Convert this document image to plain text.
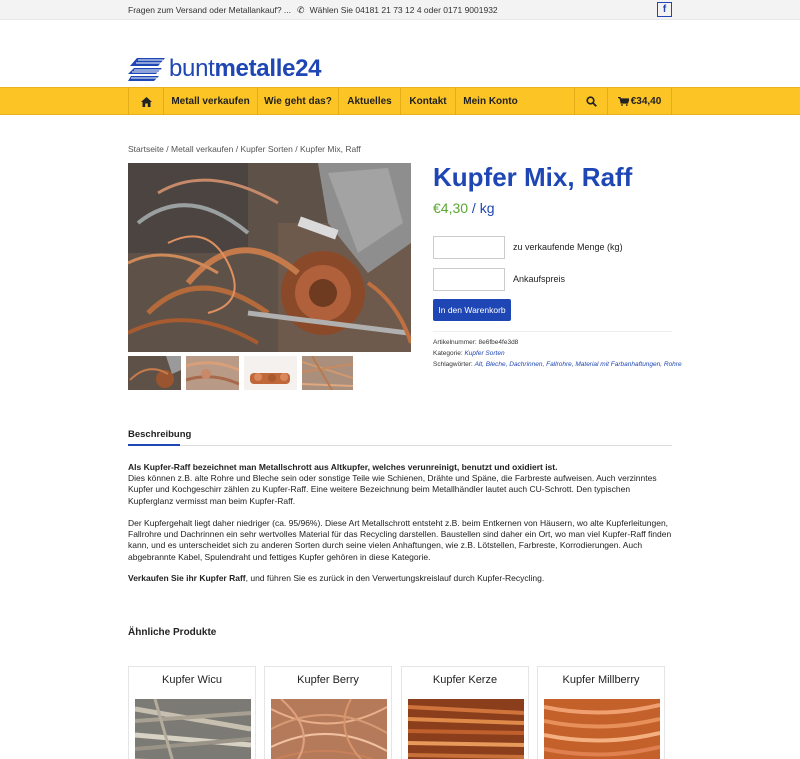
Fragen zum Versand oder Metallankauf? ... ✆ Wählen Sie 04181 21 73 12 4 oder 0171 9001932	f
buntmetalle24
Metall verkaufen	Wie geht das?	Aktuelles	Kontakt	Mein Konto	€34,40
Startseite / Metall verkaufen / Kupfer Sorten / Kupfer Mix, Raff
Kupfer Mix, Raff
€4,30 / kg
zu verkaufende Menge (kg)
Ankaufspreis
In den Warenkorb
Artikelnummer: 8e6fbe4fe3d8
Kategorie: Kupfer Sorten
Schlagwörter: Alt, Bleche, Dachrinnen, Fallrohre, Material mit Farbanhaftungen, Rohre
Beschreibung
Als Kupfer-Raff bezeichnet man Metallschrott aus Altkupfer, welches verunreinigt, benutzt und oxidiert ist.
Dies können z.B. alte Rohre und Bleche sein oder sonstige Teile wie Schienen, Drähte und Späne, die Farbreste aufweisen. Auch verzinntes Kupfer und Kochgeschirr zählen zu Kupfer-Raff. Eine weitere Bezeichnung beim Metallhändler lautet auch CU-Schrott. Den typischen Kupferglanz vermisst man beim Kupfer-Raff.
Der Kupfergehalt liegt daher niedriger (ca. 95/96%). Diese Art Metallschrott entsteht z.B. beim Entkernen von Häusern, wo alte Kupferleitungen, Fallrohre und Dachrinnen ein sehr wertvolles Material für das Recycling darstellen. Baustellen sind daher ein Ort, wo man viel Kupfer-Raff finden kann, und es unterscheidet sich zu anderen Sorten durch seine vielen Anhaftungen, wie z.B. Lötstellen, Farbreste, Korrodierungen. Auch abgebrannte Kabel, Spulendraht und fettiges Kupfer gehören in diese Kategorie.
Verkaufen Sie ihr Kupfer Raff, und führen Sie es zurück in den Verwertungskreislauf durch Kupfer-Recycling.
Ähnliche Produkte
Kupfer Wicu	Kupfer Berry	Kupfer Kerze	Kupfer Millberry
